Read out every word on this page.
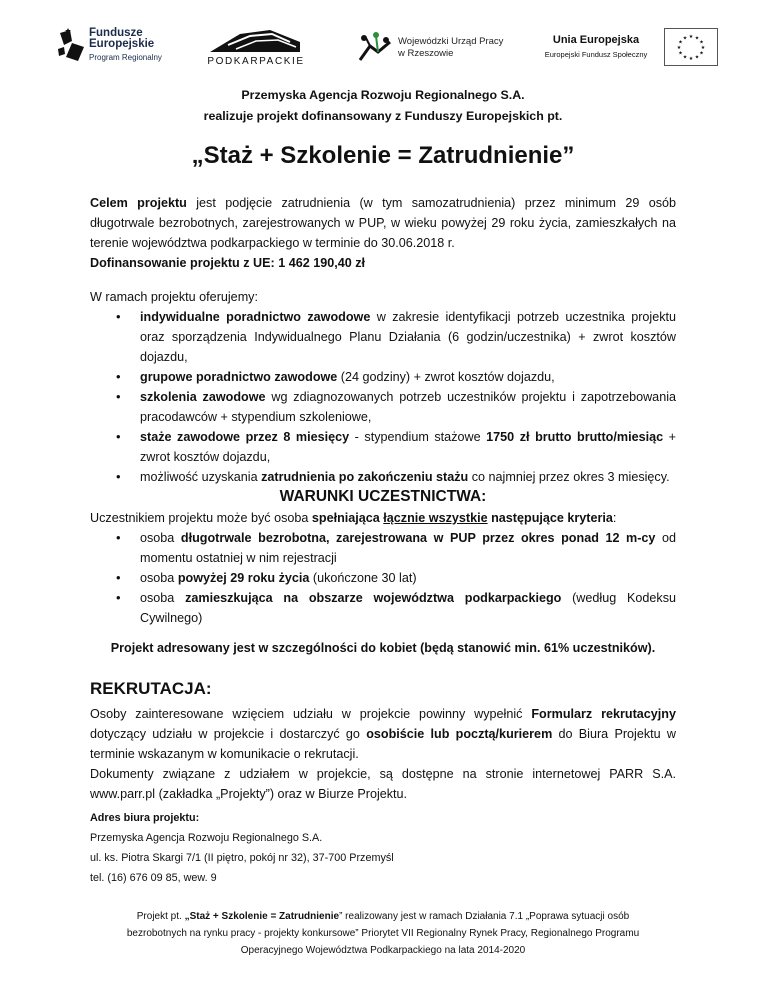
Fundusze
Europejskie
Program Regionalny	PODKARPACKIE
Wojewódzki Urząd Pracy
w Rzeszowie
Unia Europejska
Europejski Fundusz Społeczny
★ ★
★
★
★
★
★
★
★
★
★
★
Przemyska Agencja Rozwoju Regionalnego S.A.
realizuje projekt dofinansowany z Funduszy Europejskich pt.
„Staż + Szkolenie = Zatrudnienie”
Celem projektu jest podjęcie zatrudnienia (w tym samozatrudnienia) przez minimum 29 osób długotrwale bezrobotnych, zarejestrowanych w PUP, w wieku powyżej 29 roku życia, zamieszkałych na terenie województwa podkarpackiego w terminie do 30.06.2018 r.
Dofinansowanie projektu z UE: 1 462 190,40 zł
W ramach projektu oferujemy:
• indywidualne poradnictwo zawodowe w zakresie identyfikacji potrzeb uczestnika projektu oraz sporządzenia Indywidualnego Planu Działania (6 godzin/uczestnika) + zwrot kosztów dojazdu,
• grupowe poradnictwo zawodowe (24 godziny) + zwrot kosztów dojazdu,
• szkolenia zawodowe wg zdiagnozowanych potrzeb uczestników projektu i zapotrzebowania pracodawców + stypendium szkoleniowe,
• staże zawodowe przez 8 miesięcy - stypendium stażowe 1750 zł brutto brutto/miesiąc + zwrot kosztów dojazdu,
• możliwość uzyskania zatrudnienia po zakończeniu stażu co najmniej przez okres 3 miesięcy.
WARUNKI UCZESTNICTWA:
Uczestnikiem projektu może być osoba spełniająca łącznie wszystkie następujące kryteria:
• osoba długotrwale bezrobotna, zarejestrowana w PUP przez okres ponad 12 m-cy od momentu ostatniej w nim rejestracji
• osoba powyżej 29 roku życia (ukończone 30 lat)
• osoba zamieszkująca na obszarze województwa podkarpackiego (według Kodeksu Cywilnego)
Projekt adresowany jest w szczególności do kobiet (będą stanowić min. 61% uczestników).
REKRUTACJA:
Osoby zainteresowane wzięciem udziału w projekcie powinny wypełnić Formularz rekrutacyjny dotyczący udziału w projekcie i dostarczyć go osobiście lub pocztą/kurierem do Biura Projektu w terminie wskazanym w komunikacie o rekrutacji.
Dokumenty związane z udziałem w projekcie, są dostępne na stronie internetowej PARR S.A. www.parr.pl (zakładka „Projekty”) oraz w Biurze Projektu.
Adres biura projektu:
Przemyska Agencja Rozwoju Regionalnego S.A.
ul. ks. Piotra Skargi 7/1 (II piętro, pokój nr 32), 37-700 Przemyśl
tel. (16) 676 09 85, wew. 9
Projekt pt. „Staż + Szkolenie = Zatrudnienie” realizowany jest w ramach Działania 7.1 „Poprawa sytuacji osób bezrobotnych na rynku pracy - projekty konkursowe” Priorytet VII Regionalny Rynek Pracy, Regionalnego Programu Operacyjnego Województwa Podkarpackiego na lata 2014-2020
